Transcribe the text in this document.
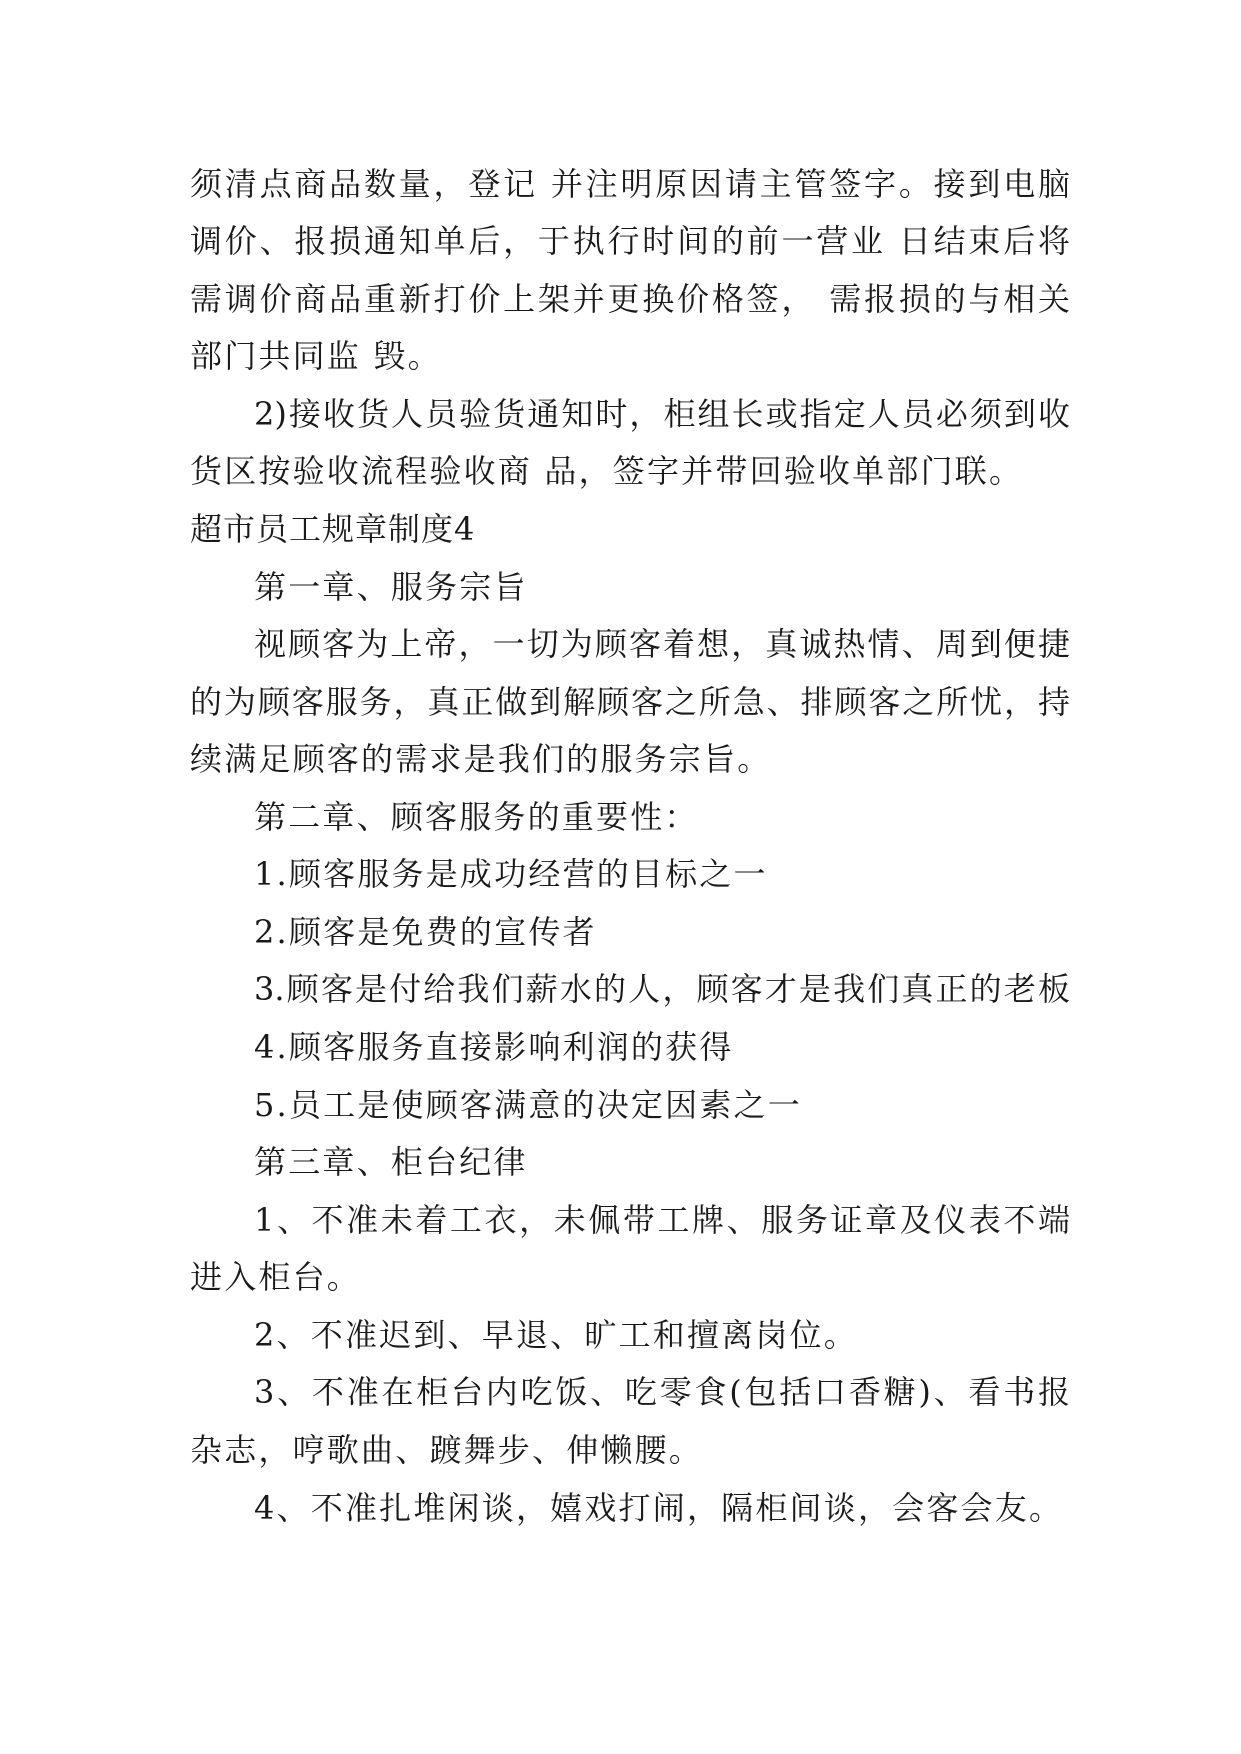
须清点商品数量，登记 并注明原因请主管签字。接到电脑
调价、报损通知单后，于执行时间的前一营业 日结束后将
需调价商品重新打价上架并更换价格签， 需报损的与相关
部门共同监 毁。
2)接收货人员验货通知时，柜组长或指定人员必须到收
货区按验收流程验收商 品，签字并带回验收单部门联。
超市员工规章制度4
第一章、服务宗旨
视顾客为上帝，一切为顾客着想，真诚热情、周到便捷
的为顾客服务，真正做到解顾客之所急、排顾客之所忧，持
续满足顾客的需求是我们的服务宗旨。
第二章、顾客服务的重要性：
1.顾客服务是成功经营的目标之一
2.顾客是免费的宣传者
3.顾客是付给我们薪水的人，顾客才是我们真正的老板
4.顾客服务直接影响利润的获得
5.员工是使顾客满意的决定因素之一
第三章、柜台纪律
1、不准未着工衣，未佩带工牌、服务证章及仪表不端
进入柜台。
2、不准迟到、早退、旷工和擅离岗位。
3、不准在柜台内吃饭、吃零食(包括口香糖)、看书报
杂志，哼歌曲、踱舞步、伸懒腰。
4、不准扎堆闲谈，嬉戏打闹，隔柜间谈，会客会友。
